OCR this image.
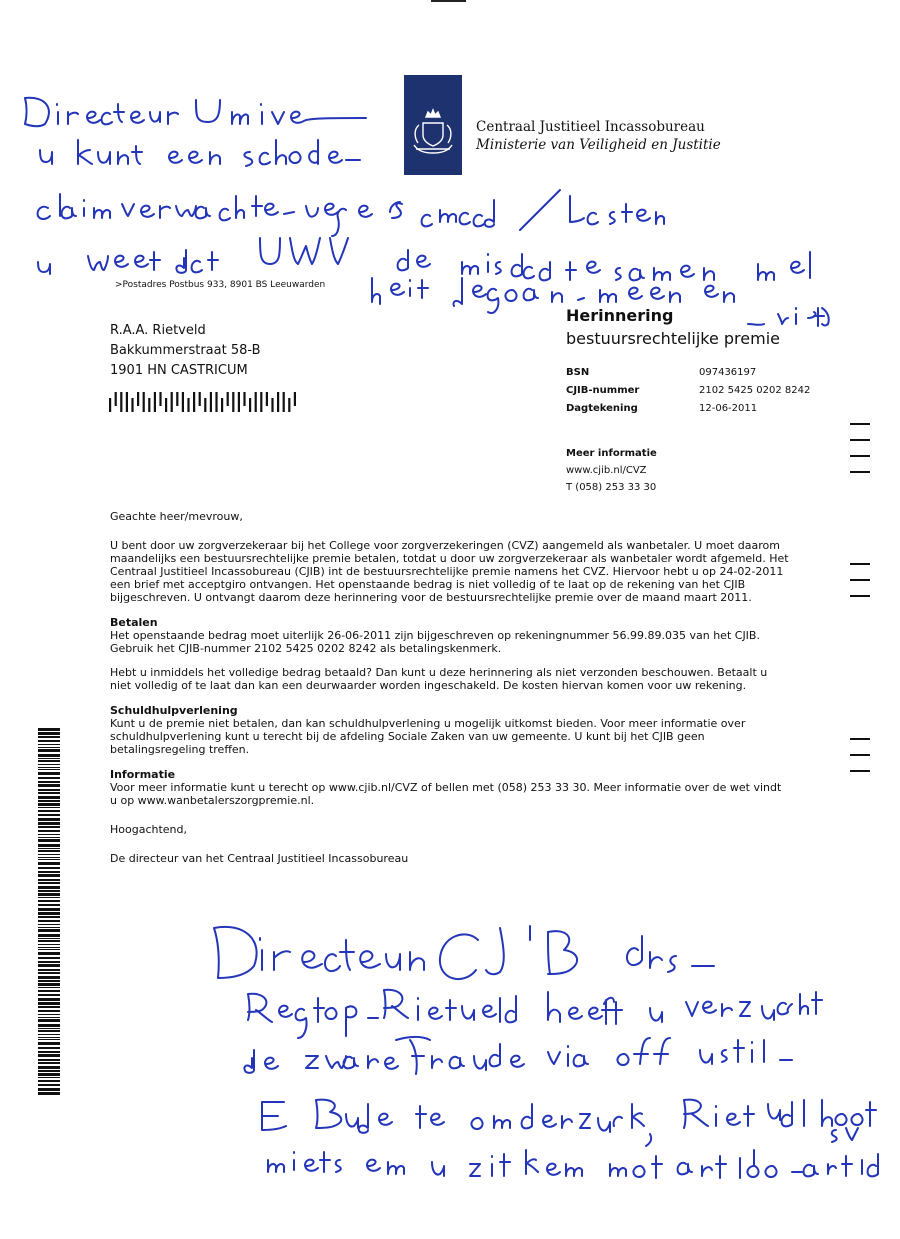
Centraal Justitieel Incassobureau
Ministerie van Veiligheid en Justitie
>Postadres Postbus 933, 8901 BS Leeuwarden
R.A.A. Rietveld
Bakkummerstraat 58-B
1901 HN CASTRICUM
Herinnering
bestuursrechtelijke premie
BSN	097436197
CJIB-nummer	2102 5425 0202 8242
Dagtekening	12-06-2011
Meer informatie
www.cjib.nl/CVZ
T (058) 253 33 30

Geachte heer/mevrouw,

U bent door uw zorgverzekeraar bij het College voor zorgverzekeringen (CVZ) aangemeld als wanbetaler. U moet daarom maandelijks een bestuursrechtelijke premie betalen, totdat u door uw zorgverzekeraar als wanbetaler wordt afgemeld. Het Centraal Justitieel Incassobureau (CJIB) int de bestuursrechtelijke premie namens het CVZ. Hiervoor hebt u op 24-02-2011 een brief met acceptgiro ontvangen. Het openstaande bedrag is niet volledig of te laat op de rekening van het CJIB bijgeschreven. U ontvangt daarom deze herinnering voor de bestuursrechtelijke premie over de maand maart 2011.

Betalen

Het openstaande bedrag moet uiterlijk 26-06-2011 zijn bijgeschreven op rekeningnummer 56.99.89.035 van het CJIB. Gebruik het CJIB-nummer 2102 5425 0202 8242 als betalingskenmerk.

Hebt u inmiddels het volledige bedrag betaald? Dan kunt u deze herinnering als niet verzonden beschouwen. Betaalt u niet volledig of te laat dan kan een deurwaarder worden ingeschakeld. De kosten hiervan komen voor uw rekening.

Schuldhulpverlening

Kunt u de premie niet betalen, dan kan schuldhulpverlening u mogelijk uitkomst bieden. Voor meer informatie over schuldhulpverlening kunt u terecht bij de afdeling Sociale Zaken van uw gemeente. U kunt bij het CJIB geen betalingsregeling treffen.

Informatie

Voor meer informatie kunt u terecht op www.cjib.nl/CVZ of bellen met (058) 253 33 30. Meer informatie over de wet vindt u op www.wanbetalerszorgpremie.nl.

Hoogachtend,

De directeur van het Centraal Justitieel Incassobureau
